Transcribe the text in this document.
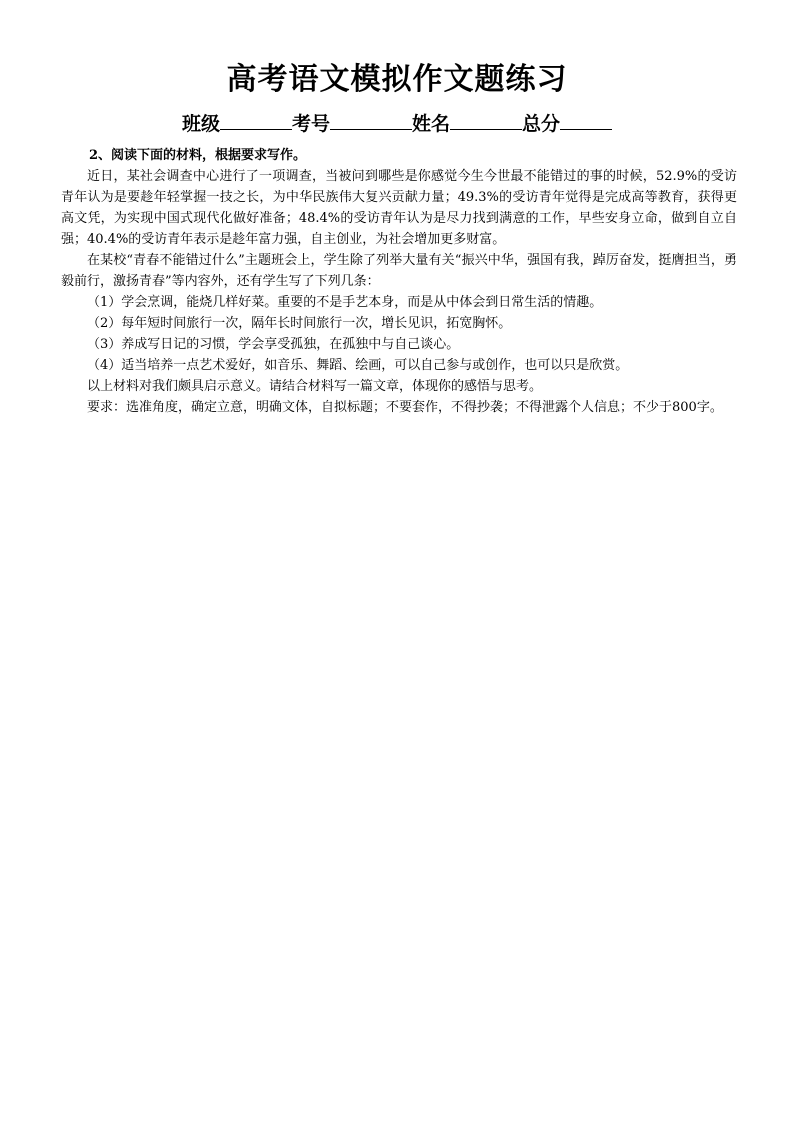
高考语文模拟作文题练习
班级	考号	姓名	总分

2、阅读下面的材料，根据要求写作。

近日，某社会调查中心进行了一项调查，当被问到哪些是你感觉今生今世最不能错过的事的时候，52.9%的受访青年认为是要趁年轻掌握一技之长，为中华民族伟大复兴贡献力量；49.3%的受访青年觉得是完成高等教育，获得更高文凭，为实现中国式现代化做好准备；48.4%的受访青年认为是尽力找到满意的工作，早些安身立命，做到自立自强；40.4%的受访青年表示是趁年富力强，自主创业，为社会增加更多财富。

在某校“青春不能错过什么”主题班会上，学生除了列举大量有关“振兴中华，强国有我，踔厉奋发，挺膺担当，勇毅前行，激扬青春”等内容外，还有学生写了下列几条：

（1）学会烹调，能烧几样好菜。重要的不是手艺本身，而是从中体会到日常生活的情趣。

（2）每年短时间旅行一次，隔年长时间旅行一次，增长见识，拓宽胸怀。

（3）养成写日记的习惯，学会享受孤独，在孤独中与自己谈心。

（4）适当培养一点艺术爱好，如音乐、舞蹈、绘画，可以自己参与或创作，也可以只是欣赏。

以上材料对我们颇具启示意义。请结合材料写一篇文章，体现你的感悟与思考。

要求：选准角度，确定立意，明确文体，自拟标题；不要套作，不得抄袭；不得泄露个人信息；不少于800字。
